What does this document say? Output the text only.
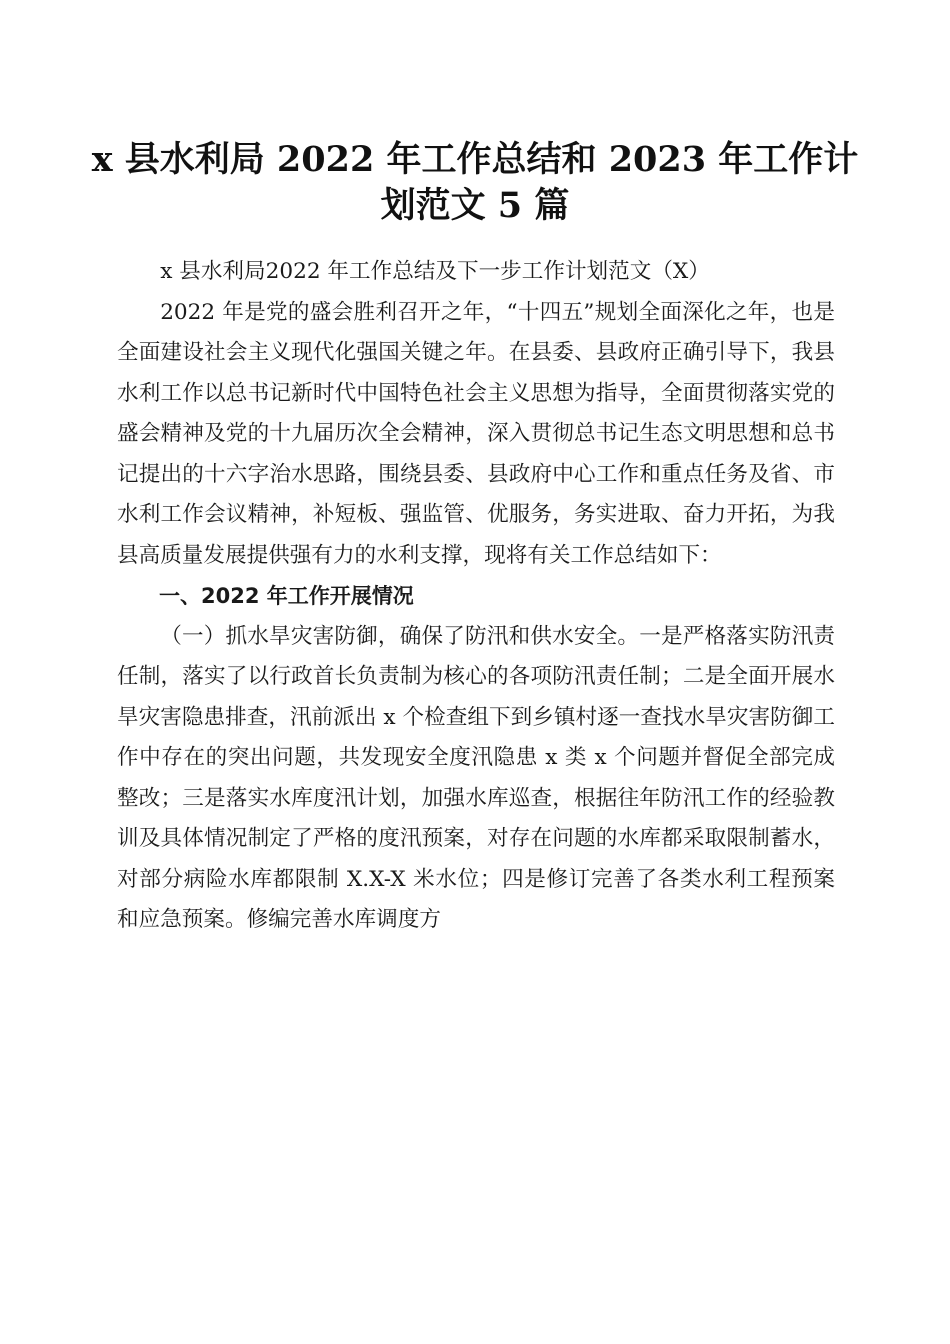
x 县水利局 2022 年工作总结和 2023 年工作计
划范文 5 篇

x 县水利局2022 年工作总结及下一步工作计划范文（X）

2022 年是党的盛会胜利召开之年，“十四五”规划全面深化之年，也是全面建设社会主义现代化强国关键之年。在县委、县政府正确引导下，我县水利工作以总书记新时代中国特色社会主义思想为指导，全面贯彻落实党的盛会精神及党的十九届历次全会精神，深入贯彻总书记生态文明思想和总书记提出的十六字治水思路，围绕县委、县政府中心工作和重点任务及省、市水利工作会议精神，补短板、强监管、优服务，务实进取、奋力开拓，为我县高质量发展提供强有力的水利支撑，现将有关工作总结如下：

一、2022 年工作开展情况

（一）抓水旱灾害防御，确保了防汛和供水安全。一是严格落实防汛责任制，落实了以行政首长负责制为核心的各项防汛责任制；二是全面开展水旱灾害隐患排查，汛前派出 x 个检查组下到乡镇村逐一查找水旱灾害防御工作中存在的突出问题，共发现安全度汛隐患 x 类 x 个问题并督促全部完成整改；三是落实水库度汛计划，加强水库巡查，根据往年防汛工作的经验教训及具体情况制定了严格的度汛预案，对存在问题的水库都采取限制蓄水，对部分病险水库都限制 X.X-X 米水位；四是修订完善了各类水利工程预案和应急预案。修编完善水库调度方
